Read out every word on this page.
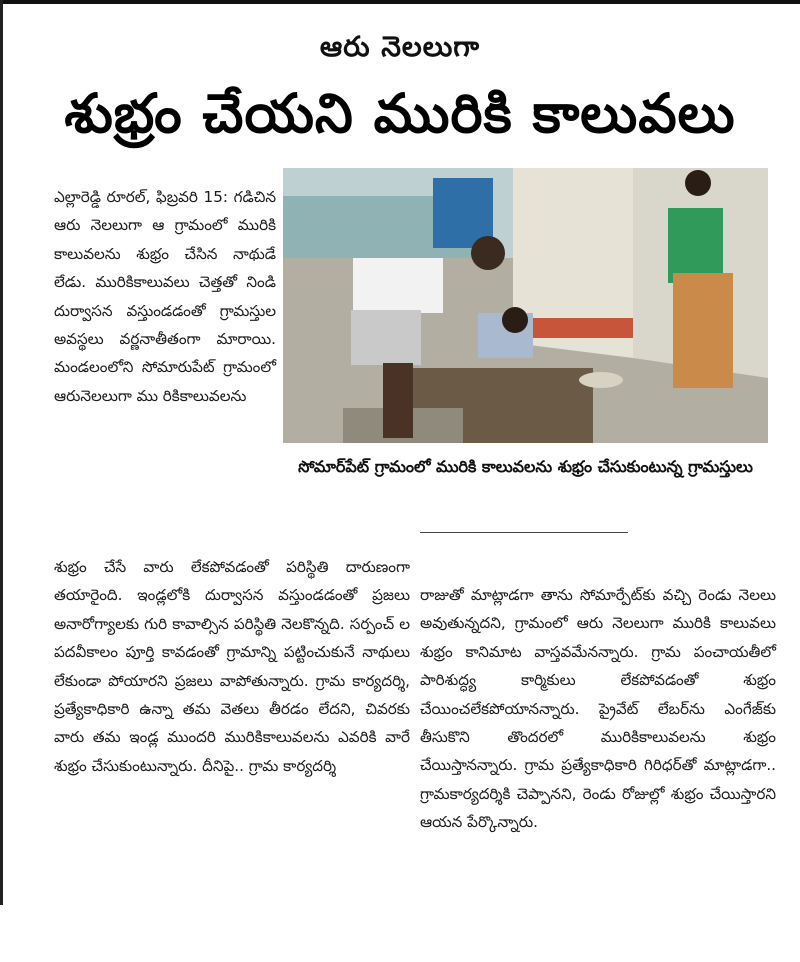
ఆరు నెలలుగా
శుభ్రం చేయని మురికి కాలువలు

ఎల్లారెడ్డి రూరల్, ఫిబ్రవరి 15: గడిచిన ఆరు నెలలుగా ఆ గ్రామంలో మురికి కాలువలను శుభ్రం చేసిన నాథుడే లేడు. మురికికాలువలు చెత్తతో నిండి దుర్వాసన వస్తుండడంతో గ్రామస్తుల అవస్థలు వర్ణనాతీతంగా మారాయి. మండలంలోని సోమారుపేట్ గ్రామంలో ఆరునెలలుగా ము రికికాలువలను

సోమార్‌పేట్ గ్రామంలో మురికి కాలువలను శుభ్రం చేసుకుంటున్న గ్రామస్తులు

శుభ్రం చేసే వారు లేకపోవడంతో పరిస్థితి దారుణంగా తయారైంది. ఇండ్లలోకి దుర్వాసన వస్తుండడంతో ప్రజలు అనారోగ్యాలకు గురి కావాల్సిన పరిస్థితి నెలకొన్నది. సర్పంచ్ ల పదవీకాలం పూర్తి కావడంతో గ్రామాన్ని పట్టించుకునే నాథులు లేకుండా పోయారని ప్రజలు వాపోతున్నారు. గ్రామ కార్యదర్శి, ప్రత్యేకాధికారి ఉన్నా తమ వెతలు తీరడం లేదని, చివరకు వారు తమ ఇండ్ల ముందరి మురికికాలువలను ఎవరికి వారే శుభ్రం చేసుకుంటున్నారు. దీనిపై.. గ్రామ కార్యదర్శి

రాజుతో మాట్లాడగా తాను సోమార్పేట్‌కు వచ్చి రెండు నెలలు అవుతున్నదని, గ్రామంలో ఆరు నెలలుగా మురికి కాలువలు శుభ్రం కానిమాట వాస్తవమేనన్నారు. గ్రామ పంచాయతీలో పారిశుద్ధ్య కార్మికులు లేకపోవడంతో శుభ్రం చేయించలేకపోయానన్నారు. ప్రైవేట్ లేబర్‌ను ఎంగేజ్‌కు తీసుకొని తొందరలో మురికికాలువలను శుభ్రం చేయిస్తానన్నారు. గ్రామ ప్రత్యేకాధికారి గిరిధర్‌తో మాట్లాడగా.. గ్రామకార్యదర్శికి చెప్పానని, రెండు రోజుల్లో శుభ్రం చేయిస్తారని ఆయన పేర్కొన్నారు.
